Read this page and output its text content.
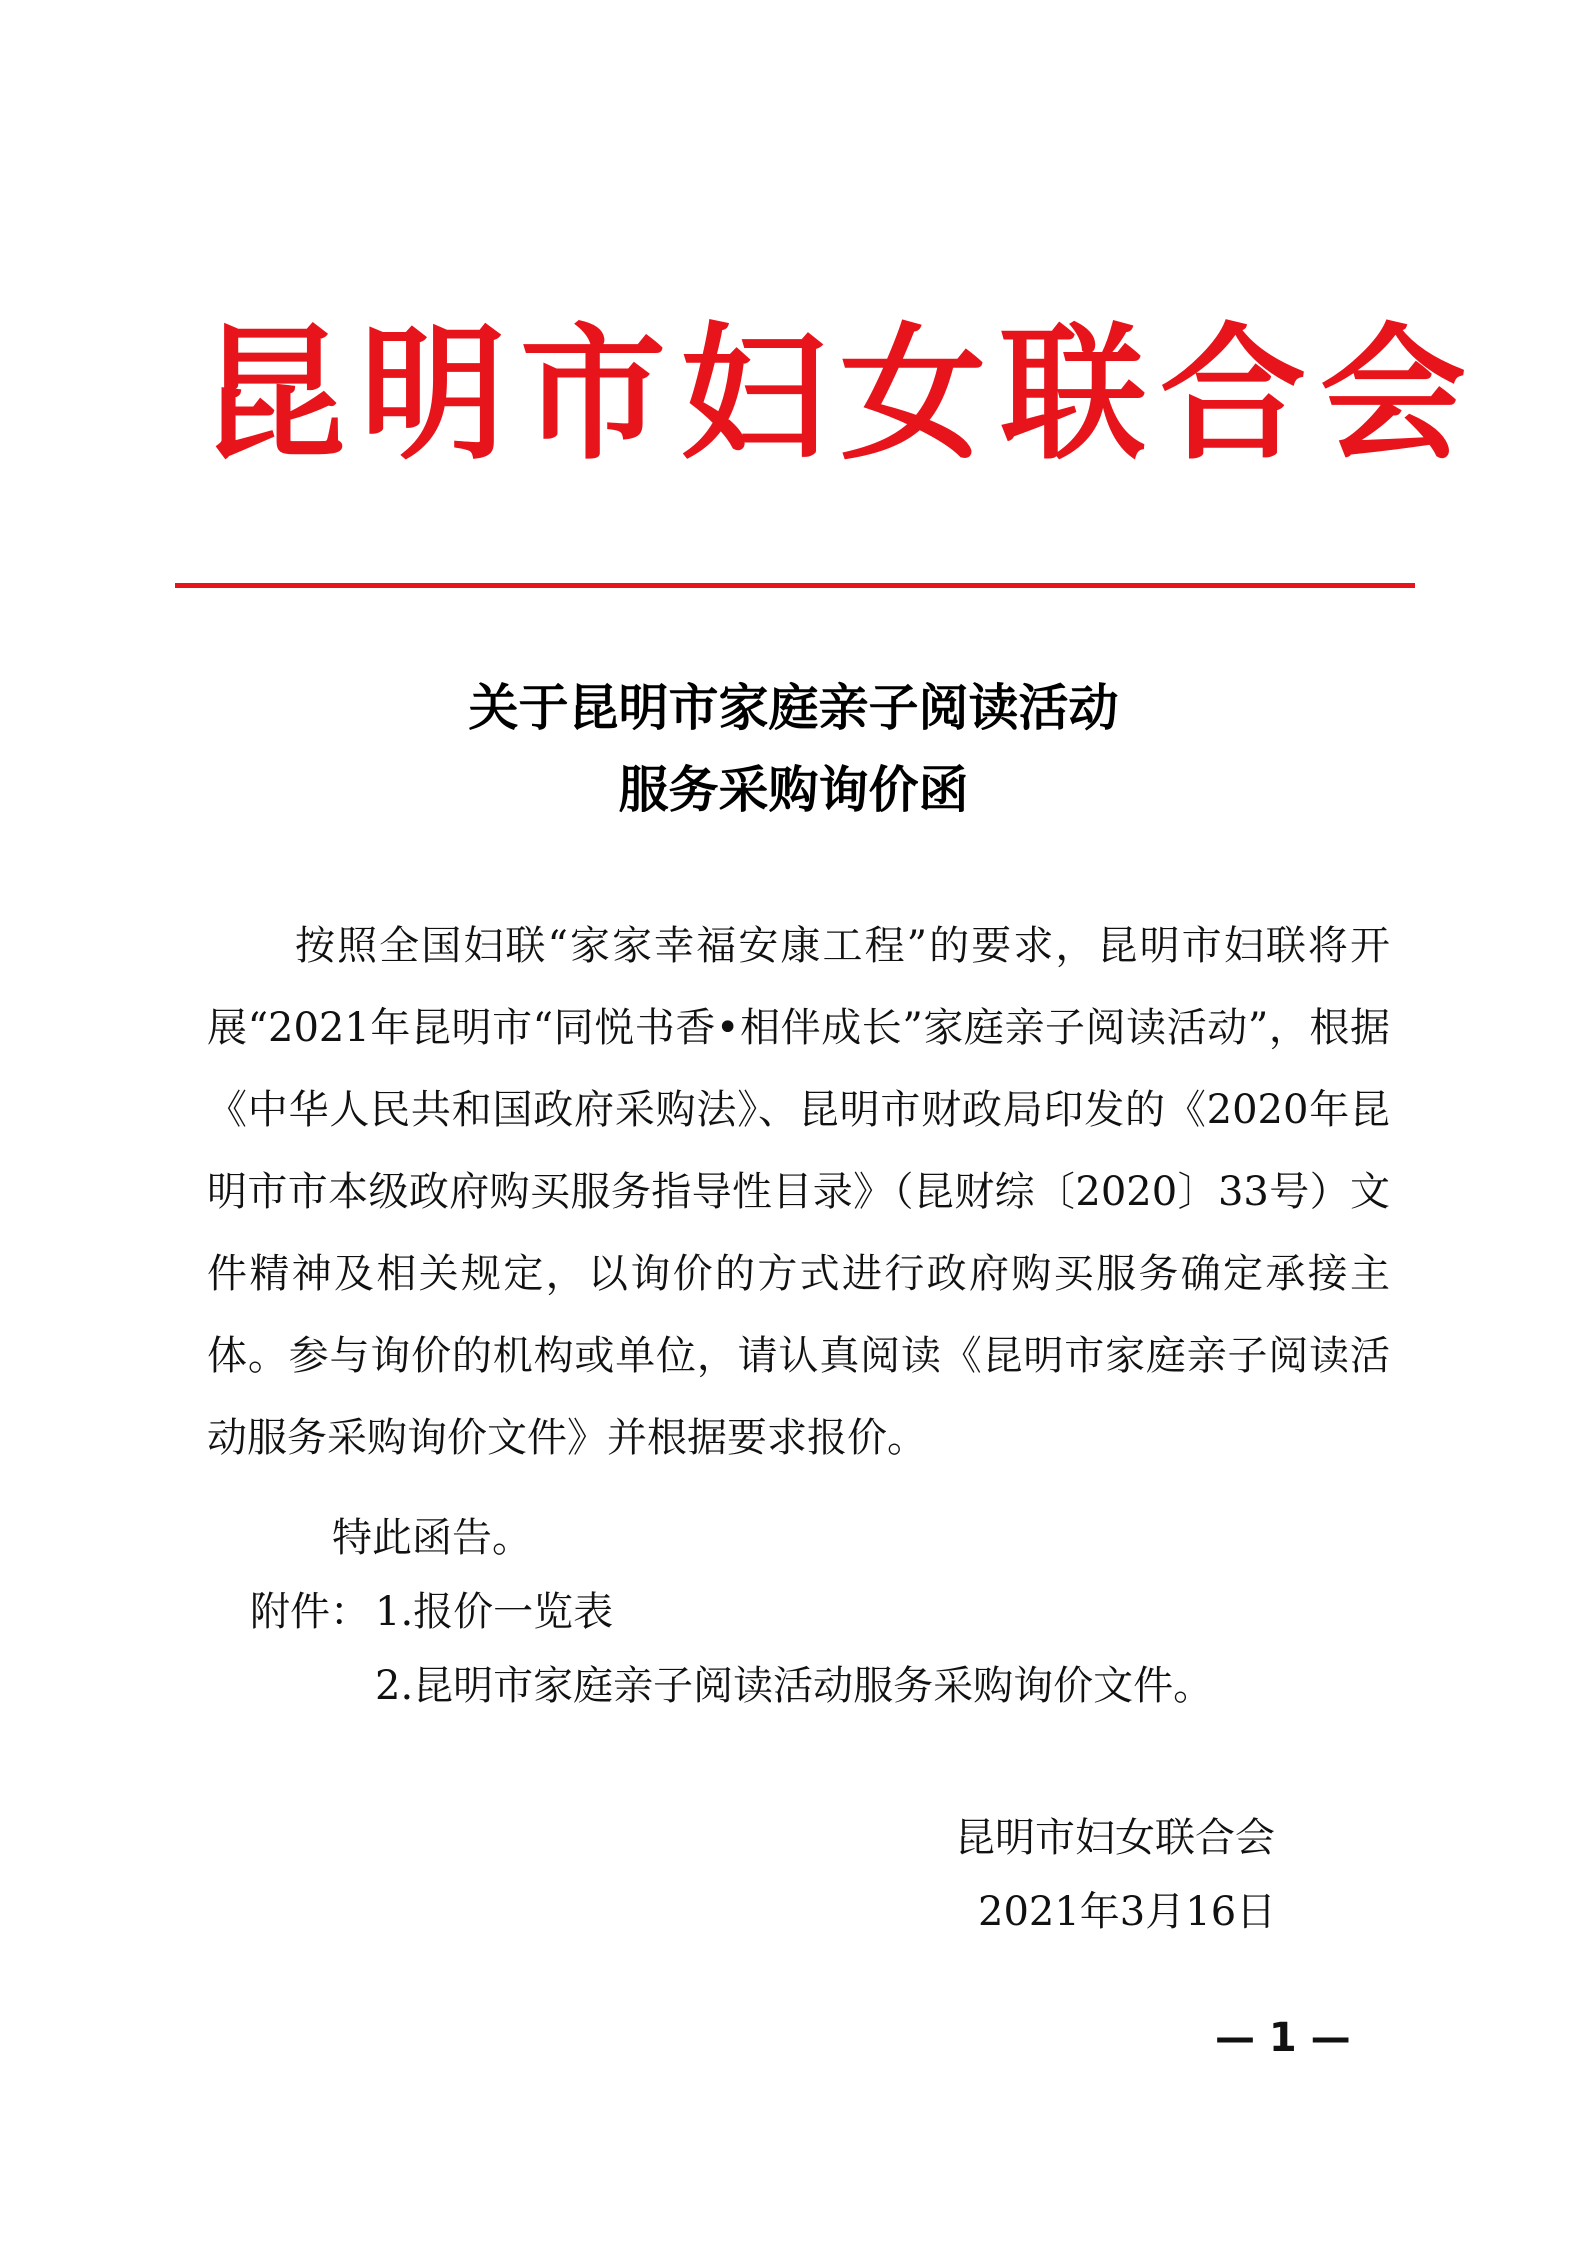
昆明市妇女联合会
关于昆明市家庭亲子阅读活动
服务采购询价函
按照全国妇联“家家幸福安康工程”的要求，昆明市妇联将开展“2021年昆明市“同悦书香•相伴成长”家庭亲子阅读活动”，根据《中华人民共和国政府采购法》、昆明市财政局印发的《2020年昆明市市本级政府购买服务指导性目录》（昆财综〔2020〕33号）文件精神及相关规定，以询价的方式进行政府购买服务确定承接主体。参与询价的机构或单位，请认真阅读《昆明市家庭亲子阅读活动服务采购询价文件》并根据要求报价。
特此函告。
附件： 1.报价一览表
2.昆明市家庭亲子阅读活动服务采购询价文件。
昆明市妇女联合会
2021年3月16日
— 1 —
